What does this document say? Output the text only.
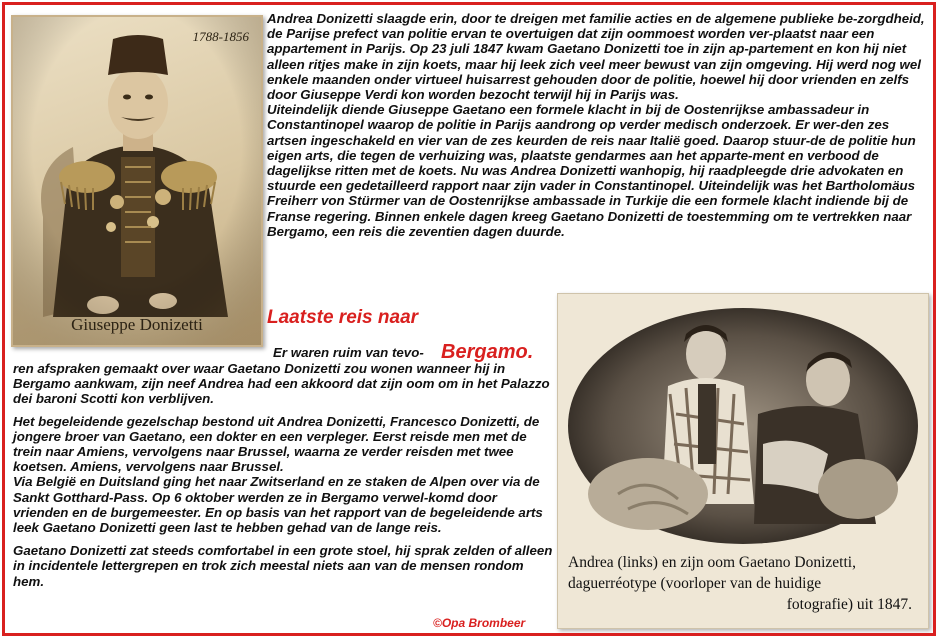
1788-1856
Giuseppe Donizetti

Andrea Donizetti slaagde erin, door te dreigen met familie acties en de algemene publieke be-zorgdheid, de Parijse prefect van politie ervan te overtuigen dat zijn oommoest worden ver-plaatst naar een appartement in Parijs. Op 23 juli 1847 kwam Gaetano Donizetti toe in zijn ap-partement en kon hij niet alleen ritjes make in zijn koets, maar hij leek zich veel meer bewust van zijn omgeving. Hij werd nog wel enkele maanden onder virtueel huisarrest gehouden door de politie, hoewel hij door vrienden en zelfs door Giuseppe Verdi kon worden bezocht terwijl hij in Parijs was.

Uiteindelijk diende Giuseppe Gaetano een formele klacht in bij de Oostenrijkse ambassadeur in Constantinopel waarop de politie in Parijs aandrong op verder medisch onderzoek. Er wer-den zes artsen ingeschakeld en vier van de zes keurden de reis naar Italië goed. Daarop stuur-de de politie hun eigen arts, die tegen de verhuizing was, plaatste gendarmes aan het apparte-ment en verbood de dagelijkse ritten met de koets. Nu was Andrea Donizetti wanhopig, hij raadpleegde drie advokaten en stuurde een gedetailleerd rapport naar zijn vader in Constantinopel. Uiteindelijk was het Bartholomäus Freiherr von Stürmer van de Oostenrijkse ambassade in Turkije die een formele klacht indiende bij de Franse regering. Binnen enkele dagen kreeg Gaetano Donizetti de toestemming om te vertrekken naar Bergamo, een reis die zeventien dagen duurde.

Laatste reis naar
Er waren ruim van tevo- Bergamo.

ren afspraken gemaakt over waar Gaetano Donizetti zou wonen wanneer hij in Bergamo aankwam, zijn neef Andrea had een akkoord dat zijn oom om in het Palazzo dei baroni Scotti kon verblijven.

Het begeleidende gezelschap bestond uit Andrea Donizetti, Francesco Donizetti, de jongere broer van Gaetano, een dokter en een verpleger. Eerst reisde men met de trein naar Amiens, vervolgens naar Brussel, waarna ze verder reisden met twee koetsen. Amiens, vervolgens naar Brussel.

Via België en Duitsland ging het naar Zwitserland en ze staken de Alpen over via de Sankt Gotthard-Pass. Op 6 oktober werden ze in Bergamo verwel-komd door vrienden en de burgemeester. En op basis van het rapport van de begeleidende arts leek Gaetano Donizetti geen last te hebben gehad van de lange reis.

Gaetano Donizetti zat steeds comfortabel in een grote stoel, hij sprak zelden of alleen in incidentele lettergrepen en trok zich meestal niets aan van de mensen rondom hem.

©Opa Brombeer
Andrea (links) en zijn oom Gaetano Donizetti,
daguerréotype (voorloper van de huidige
fotografie) uit 1847.
